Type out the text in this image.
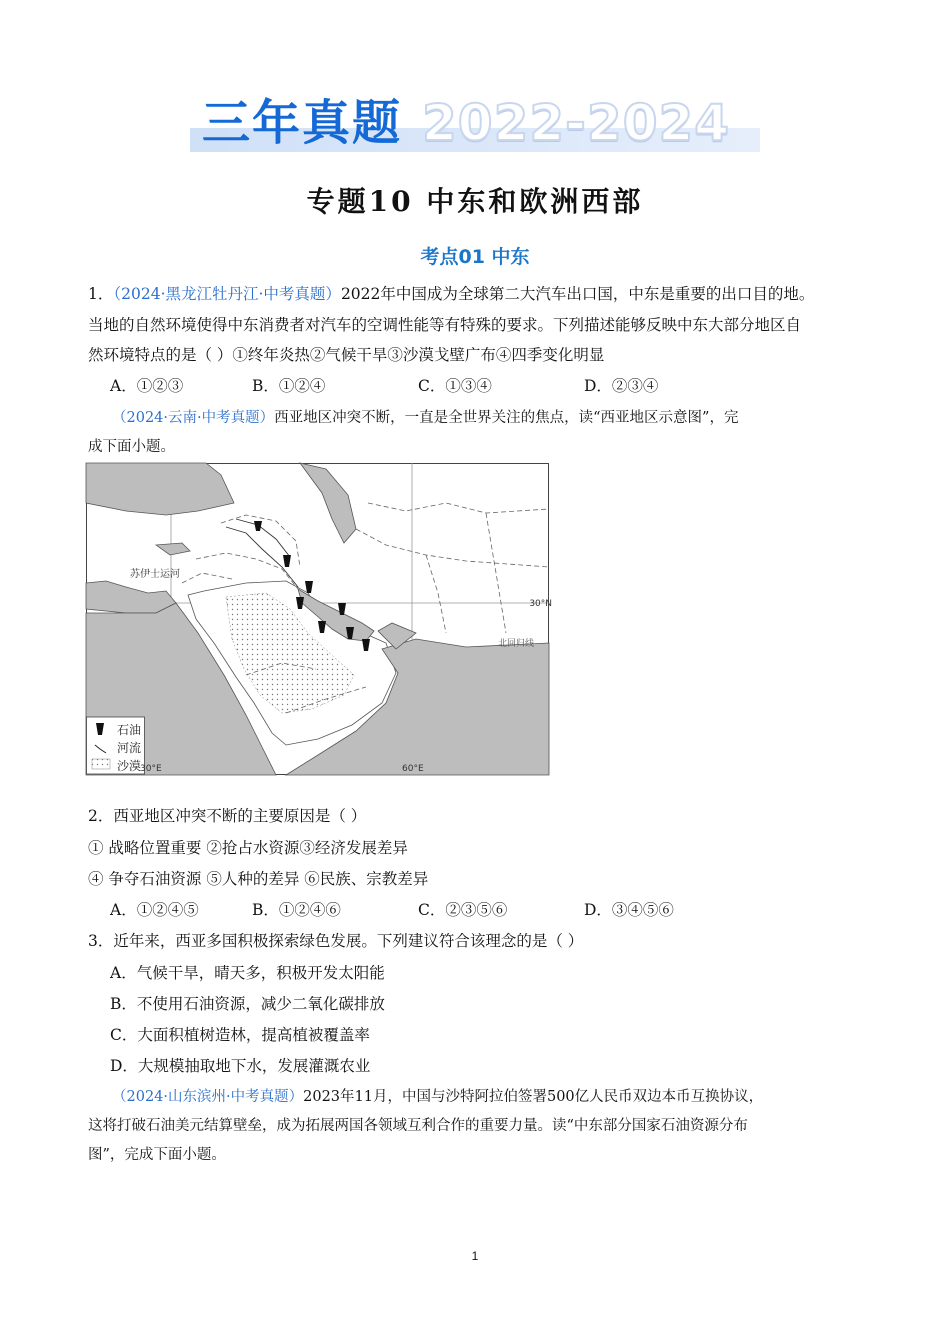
三年真题 2022-2024
专题10 中东和欧洲西部
考点01 中东
1．（2024·黑龙江牡丹江·中考真题）2022年中国成为全球第二大汽车出口国，中东是重要的出口目的地。
当地的自然环境使得中东消费者对汽车的空调性能等有特殊的要求。下列描述能够反映中东大部分地区自
然环境特点的是（ ）①终年炎热②气候干旱③沙漠戈壁广布④四季变化明显
A．①②③	B．①②④	C．①③④	D．②③④
（2024·云南·中考真题）西亚地区冲突不断，一直是全世界关注的焦点，读“西亚地区示意图”，完
成下面小题。
石油
河流
沙漠
苏伊士运河
30°N
北回归线
30°E	60°E
2．西亚地区冲突不断的主要原因是（ ）
① 战略位置重要 ②抢占水资源③经济发展差异
④ 争夺石油资源 ⑤人种的差异 ⑥民族、宗教差异
A．①②④⑤	B．①②④⑥	C．②③⑤⑥	D．③④⑤⑥
3．近年来，西亚多国积极探索绿色发展。下列建议符合该理念的是（ ）
A．气候干旱，晴天多，积极开发太阳能
B．不使用石油资源，减少二氧化碳排放
C．大面积植树造林，提高植被覆盖率
D．大规模抽取地下水，发展灌溉农业
（2024·山东滨州·中考真题）2023年11月，中国与沙特阿拉伯签署500亿人民币双边本币互换协议，
这将打破石油美元结算壁垒，成为拓展两国各领域互利合作的重要力量。读“中东部分国家石油资源分布
图”，完成下面小题。
1
